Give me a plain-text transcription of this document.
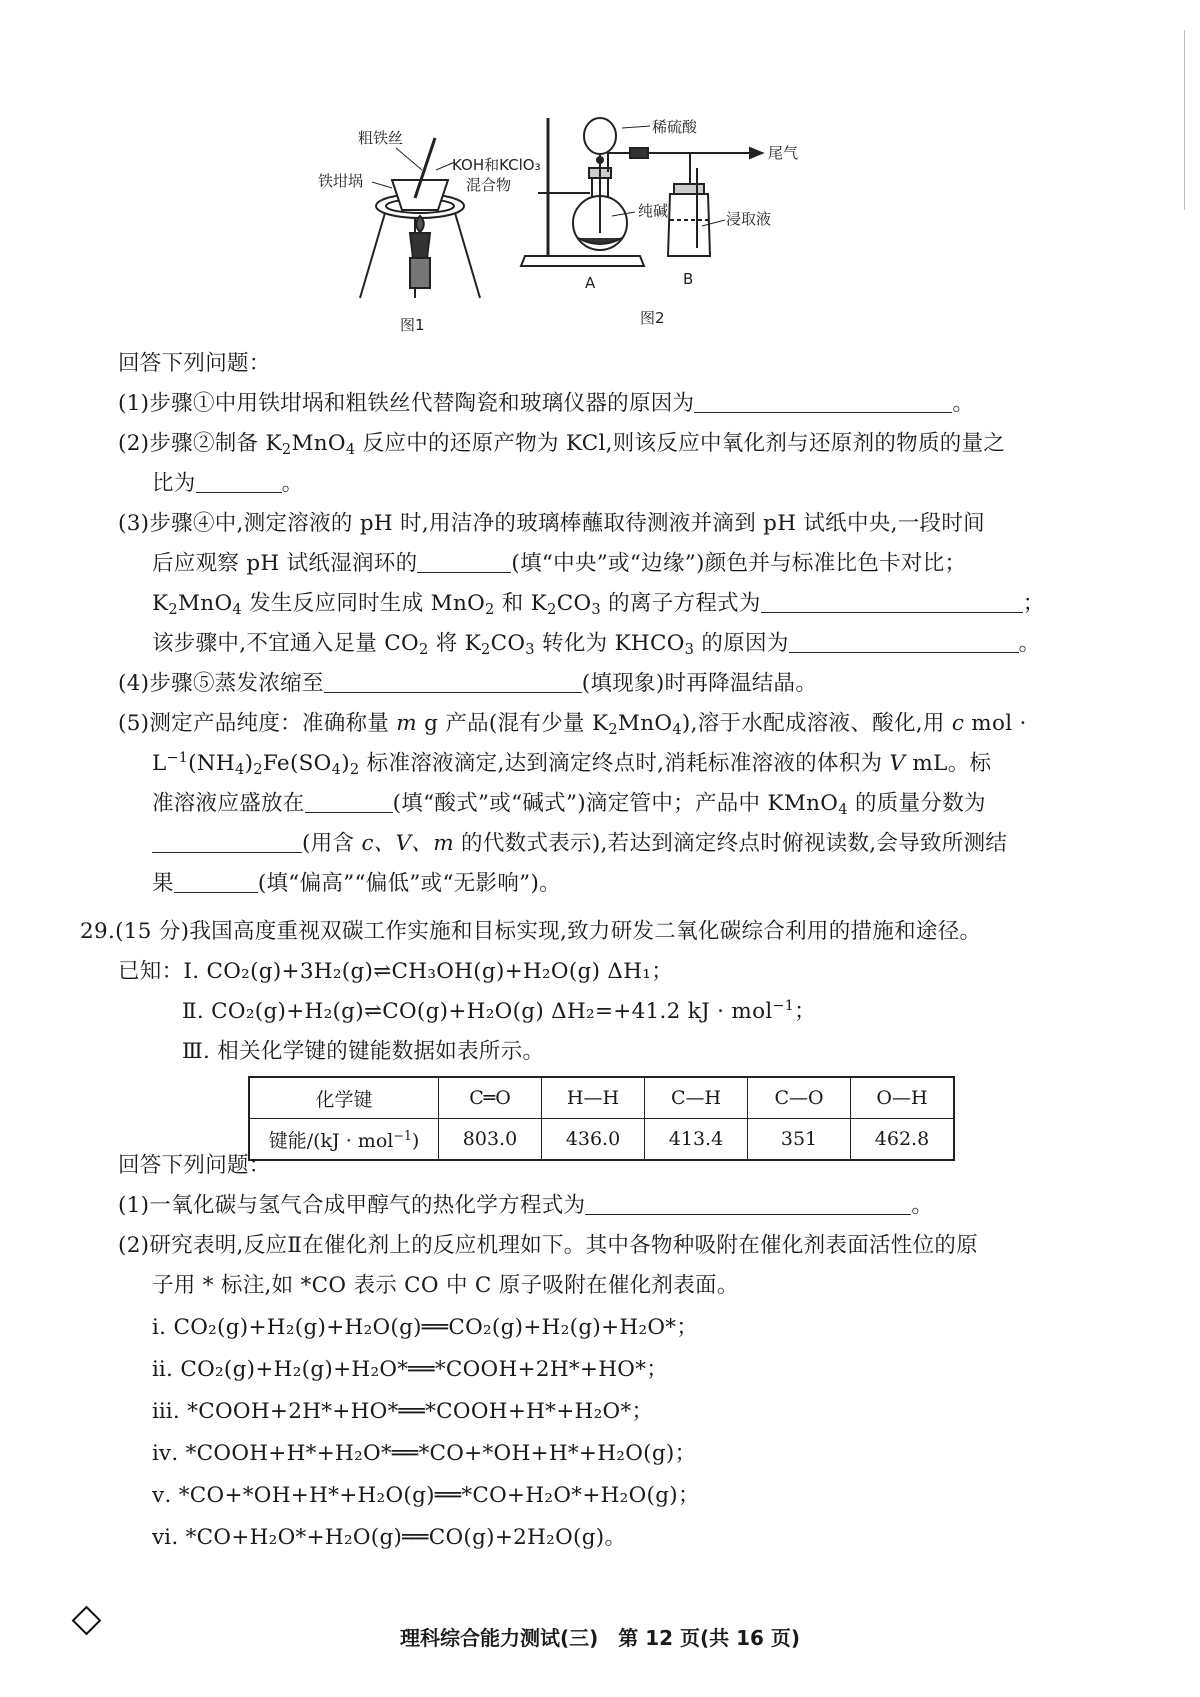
粗铁丝
铁坩埚
KOH和KClO₃
混合物
图1
稀硫酸
尾气
纯碱	浸取液
A	B
图2
回答下列问题：
(1)步骤①中用铁坩埚和粗铁丝代替陶瓷和玻璃仪器的原因为	。
(2)步骤②制备 $K_2MnO_4$ 反应中的还原产物为 KCl,则该反应中氧化剂与还原剂的物质的量之
比为	。
(3)步骤④中,测定溶液的 pH 时,用洁净的玻璃棒蘸取待测液并滴到 pH 试纸中央,一段时间
后应观察 pH 试纸湿润环的	(填“中央”或“边缘”)颜色并与标准比色卡对比；
$K_2MnO_4$ 发生反应同时生成 MnO$_2$ 和 $K_2CO_3$ 的离子方程式为	；
该步骤中,不宜通入足量 $CO_2$ 将 $K_2CO_3$ 转化为 $KHCO_3$ 的原因为	。
(4)步骤⑤蒸发浓缩至	(填现象)时再降温结晶。
(5)测定产品纯度：准确称量 m g 产品(混有少量 $K_2MnO_4$),溶于水配成溶液、酸化,用 c mol ·
$L^{-1}(NH_4)_2Fe(SO_4)_2$ 标准溶液滴定,达到滴定终点时,消耗标准溶液的体积为 V mL。标
准溶液应盛放在	(填“酸式”或“碱式”)滴定管中；产品中 KMnO$_4$ 的质量分数为
(用含 c、V、m 的代数式表示),若达到滴定终点时俯视读数,会导致所测结
果	(填“偏高”“偏低”或“无影响”)。
29.(15 分)我国高度重视双碳工作实施和目标实现,致力研发二氧化碳综合利用的措施和途径。
已知：Ⅰ. CO₂(g)+3H₂(g)⇌CH₃OH(g)+H₂O(g) ΔH₁；
Ⅱ. CO₂(g)+H₂(g)⇌CO(g)+H₂O(g) ΔH₂=+41.2 kJ · mol$^{-1}$；
Ⅲ. 相关化学键的键能数据如表所示。
化学键	C═O	H—H	C—H	C—O	O—H
键能/(kJ · mol$^{-1}$)	803.0	436.0	413.4	351	462.8
回答下列问题：
(1)一氧化碳与氢气合成甲醇气的热化学方程式为	。
(2)研究表明,反应Ⅱ在催化剂上的反应机理如下。其中各物种吸附在催化剂表面活性位的原
子用 * 标注,如 *CO 表示 CO 中 C 原子吸附在催化剂表面。
ⅰ. CO₂(g)+H₂(g)+H₂O(g)══CO₂(g)+H₂(g)+H₂O*；
ⅱ. CO₂(g)+H₂(g)+H₂O*══*COOH+2H*+HO*；
ⅲ. *COOH+2H*+HO*══*COOH+H*+H₂O*；
ⅳ. *COOH+H*+H₂O*══*CO+*OH+H*+H₂O(g)；
ⅴ. *CO+*OH+H*+H₂O(g)══*CO+H₂O*+H₂O(g)；
ⅵ. *CO+H₂O*+H₂O(g)══CO(g)+2H₂O(g)。
理科综合能力测试(三)　第 12 页(共 16 页)
